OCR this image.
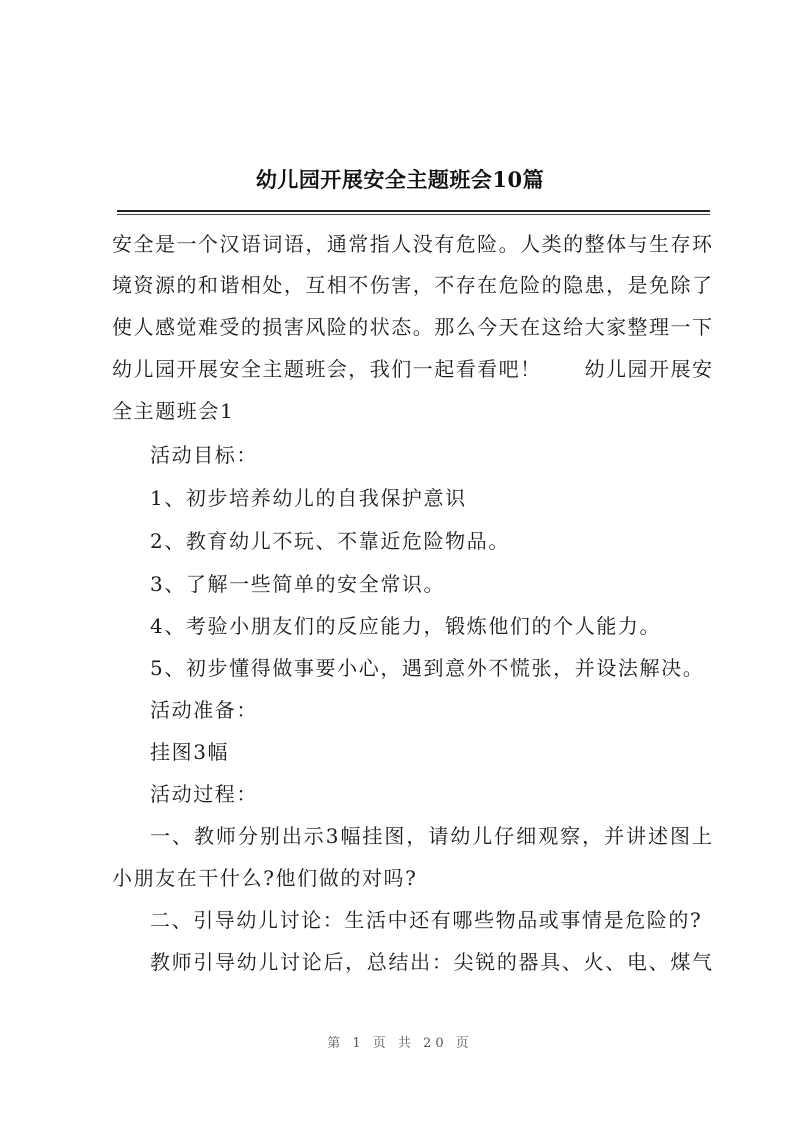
幼儿园开展安全主题班会10篇
安全是一个汉语词语，通常指人没有危险。人类的整体与生存环
境资源的和谐相处，互相不伤害，不存在危险的隐患，是免除了
使人感觉难受的损害风险的状态。那么今天在这给大家整理一下
幼儿园开展安全主题班会，我们一起看看吧！　　幼儿园开展安
全主题班会1
活动目标：
1、初步培养幼儿的自我保护意识
2、教育幼儿不玩、不靠近危险物品。
3、了解一些简单的安全常识。
4、考验小朋友们的反应能力，锻炼他们的个人能力。
5、初步懂得做事要小心，遇到意外不慌张，并设法解决。
活动准备：
挂图3幅
活动过程：
一、教师分别出示3幅挂图，请幼儿仔细观察，并讲述图上
小朋友在干什么?他们做的对吗?
二、引导幼儿讨论：生活中还有哪些物品或事情是危险的?
教师引导幼儿讨论后，总结出：尖锐的器具、火、电、煤气
第 1 页 共 20 页
